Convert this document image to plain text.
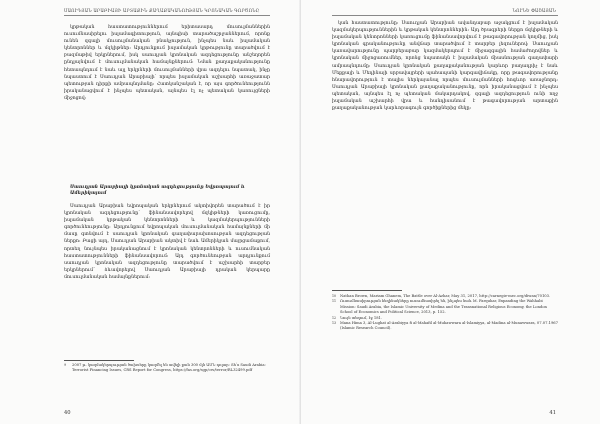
ՍԱՈՒԴՅԱՆ ԱՐԱԲԻԱՅԻ ԱՐՏԱՔԻՆ ՔԱՂԱՔԱԿԱՆՈՒԹՅԱՆ ԿՐՈՆԱԿԱՆ ԳՈՐԾՈՆԸ
կրթական հաստատություններում երիտասարդ մուսուլմաններին ուսումնասիրելու իսլամագիտություն, այնպիսի տարածաշրջաններում, որոնք ունեն զգալի մուսուլմանական բնակչություն, ինչպես նաև իսլամական կենտրոններ և մզկիթներ: Արդյունքում իսլամական կրթությունը տարածվում է բազմաթիվ երկրներում, իսկ սաուդյան կրոնական ազդեցությունը անշեղորեն ընդլայնվում է մուսուլմանական համայնքներում: Նման քաղաքականությունը հետապնդում է նաև այլ երկրների մուսուլմանների վրա ազդելու նպատակ, ինչը նպաստում է Սաուդյան Արաբիայի՝ որպես իսլամական աշխարհի առաջատար պետության դիրքի ամրապնդմանը: Հատկանշական է, որ այս գործունեությունն իրականացվում է ինչպես պետական, այնպես էլ ոչ պետական կառույցների միջոցով:
Սաուդյան Արաբիայի կրոնական ազդեցությունը Եվրոպայում և Ամերիկայում
Սաուդյան Արաբիան եվրոպական երկրներում ակտիվորեն տարածում է իր կրոնական ազդեցությունը՝ ֆինանսավորելով մզկիթների կառուցումը, իսլամական կրթական կենտրոնների և կազմակերպությունների գործունեությունը: Արդյունքում եվրոպական մուսուլմանական համայնքների մի մասը գտնվում է սաուդյան կրոնական գաղափարախոսության ազդեցության ներքո: Բացի այդ, Սաուդյան Արաբիան ակտիվ է նաև Ամերիկյան մայրցամաքում, որտեղ նույնպես իրականացնում է կրոնական կենտրոնների և ուսումնական հաստատությունների ֆինանսավորում: Այդ գործունեության արդյունքում սաուդյան կրոնական ազդեցությունը տարածվում է աշխարհի տարբեր երկրներում՝ ձևավորելով Սաուդյան Արաբիայի դրական կերպարը մուսուլմանական համայնքներում:
9 2007 թ. կազմակերպության ծախսերը կազմել են ավելի քան 300 մլն ԱՄՆ դոլար: Տե՛ս Saudi Arabia: Terrorist Financing Issues, CRS Report for Congress, https://fas.org/sgp/crs/terror/RL32499.pdf
40
ՆՈՒՆԵ ՓԱՇԱՅԱՆ
կան հաստատությունը: Սաուդյան Արաբիան ավանդաբար աջակցում է իսլամական կազմակերպություններին և կրթական կենտրոններին: Այդ ծրագրերի ներքո մզկիթների և իսլամական կենտրոնների կառուցումը ֆինանսավորվում է թագավորության կողմից, իսկ կրոնական գրականությունը անվճար տարածվում է տարբեր լեզուներով: Սաուդյան կառավարությունը պարբերաբար կազմակերպում է միջազգային համաժողովներ և կրոնական միջոցառումներ, որոնց նպատակն է իսլամական միասնության գաղափարի ամրապնդումը: Սաուդյան կրոնական քաղաքականության կարևոր բաղադրիչ է նաև Մեքքայի և Մեդինայի սրբավայրերի պահապանի կարգավիճակը, որը թագավորությանը հնարավորություն է տալիս ներկայանալ որպես մուսուլմանների հոգևոր առաջնորդ: Սաուդյան Արաբիայի կրոնական քաղաքականությունը, որն իրականացվում է ինչպես պետական, այնպես էլ ոչ պետական մակարդակով, զգալի ազդեցություն ունի ողջ իսլամական աշխարհի վրա և հանդիսանում է թագավորության արտաքին քաղաքականության կարևորագույն գործիքներից մեկը:
10 Nathan Brown, Mariam Ghanem, The Battle over Al-Azhar, May 31, 2017, http://carnegie-mec.org/diwan/70103.
11 Ուսումնասիրության հեղինակները ուսումնասիրել են, ինչպես նաև M. Farquhar, Expanding the Wahhabi Mission: Saudi Arabia, the Islamic University of Medina and the Transnational Religious Economy, the London School of Economics and Political Science, 2013, p. 152.
12 Նույն տեղում, էջ 181.
13 Mana Hima 3, Al-Lughat al-Arabiyya fi al-Mahafil al-Muhawwara al-Islamiyya, al-Madina al-Munawwara, 07.07.1967 (Islamic Research Council).
41
